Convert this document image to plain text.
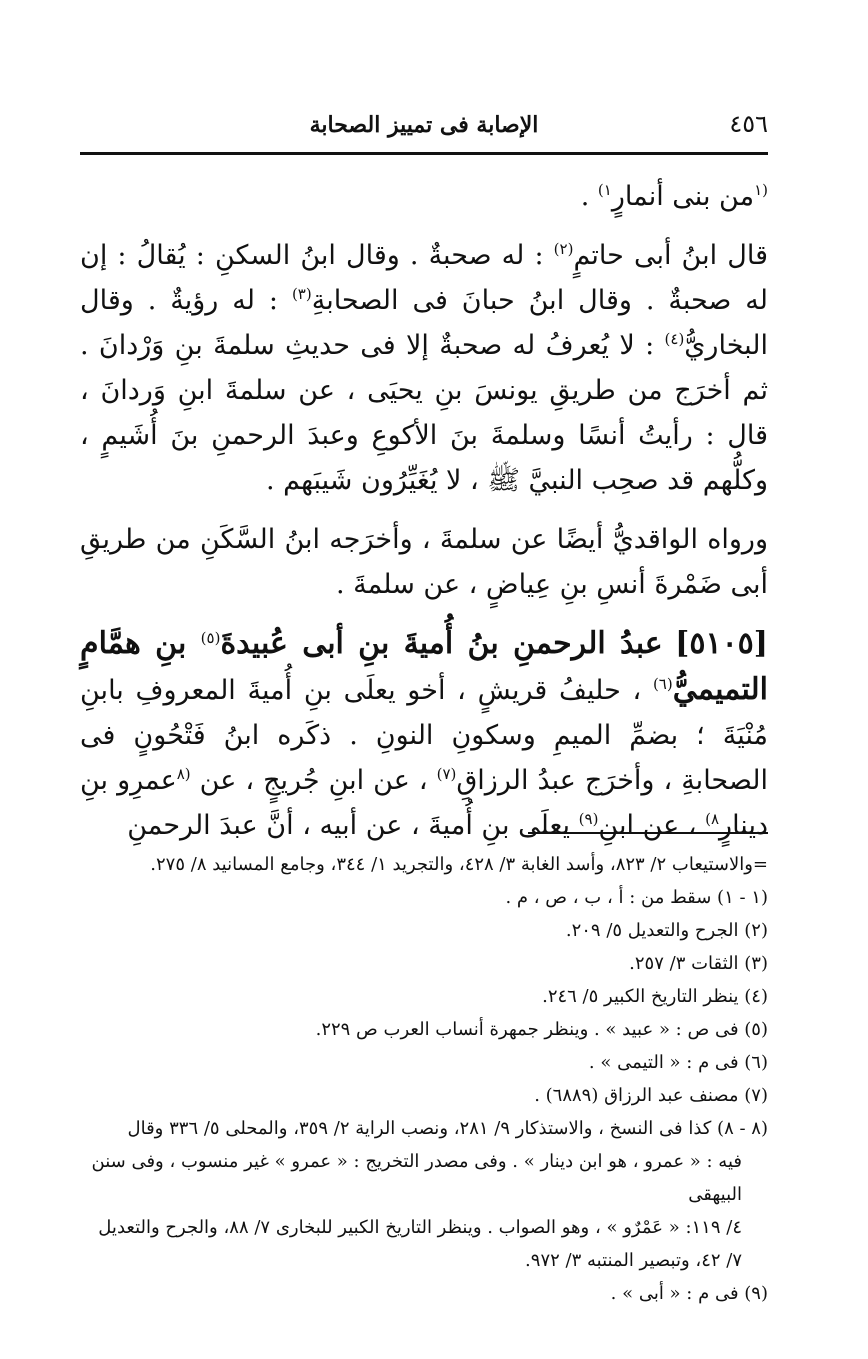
٤٥٦
الإصابة فى تمييز الصحابة

$^{(١}$من بنى أنمارٍ$^{١)}$ .

قال ابنُ أبى حاتمٍ$^{(٢)}$ : له صحبةٌ . وقال ابنُ السكنِ : يُقالُ : إن له صحبةٌ . وقال ابنُ حبانَ فى الصحابةِ$^{(٣)}$ : له رؤيةٌ . وقال البخاريُّ$^{(٤)}$ : لا يُعرفُ له صحبةٌ إلا فى حديثِ سلمةَ بنِ وَرْدانَ . ثم أخرَج من طريقِ يونسَ بنِ يحيَى ، عن سلمةَ ابنِ وَردانَ ، قال : رأيتُ أنسًا وسلمةَ بنَ الأكوعِ وعبدَ الرحمنِ بنَ أُشَيمٍ ، وكلُّهم قد صحِب النبيَّ ﷺ ، لا يُغَيِّرُون شَيبَهم .

ورواه الواقديُّ أيضًا عن سلمةَ ، وأخرَجه ابنُ السَّكَنِ من طريقِ أبى ضَمْرةَ أنسِ بنِ عِياضٍ ، عن سلمةَ .

[٥١٠٥] عبدُ الرحمنِ بنُ أُميةَ بنِ أبى عُبيدةَ$^{(٥)}$ بنِ همَّامٍ التميميُّ$^{(٦)}$ ، حليفُ قريشٍ ، أخو يعلَى بنِ أُميةَ المعروفِ بابنِ مُنْيَةَ ؛ بضمِّ الميمِ وسكونِ النونِ . ذكَره ابنُ فَتْحُونٍ فى الصحابةِ ، وأخرَج عبدُ الرزاقِ$^{(٧)}$ ، عن ابنِ جُريجٍ ، عن $^{(٨}$عمرِو بنِ دينارٍ$^{٨)}$ ، عن ابنِ$^{(٩)}$ يعلَى بنِ أُميةَ ، عن أبيه ، أنَّ عبدَ الرحمنِ

=والاستيعاب ٢/ ٨٢٣، وأسد الغابة ٣/ ٤٢٨، والتجريد ١/ ٣٤٤، وجامع المسانيد ٨/ ٢٧٥.

(١ - ١) سقط من : أ ، ب ، ص ، م .

(٢) الجرح والتعديل ٥/ ٢٠٩.

(٣) الثقات ٣/ ٢٥٧.

(٤) ينظر التاريخ الكبير ٥/ ٢٤٦.

(٥) فى ص : « عبيد » . وينظر جمهرة أنساب العرب ص ٢٢٩.

(٦) فى م : « التيمى » .

(٧) مصنف عبد الرزاق (٦٨٨٩) .

(٨ - ٨) كذا فى النسخ ، والاستذكار ٩/ ٢٨١، ونصب الراية ٢/ ٣٥٩، والمحلى ٥/ ٣٣٦ وقال

فيه : « عمرو ، هو ابن دينار » . وفى مصدر التخريج : « عمرو » غير منسوب ، وفى سنن البيهقى

٤/ ١١٩: « عَمْرٌو » ، وهو الصواب . وينظر التاريخ الكبير للبخارى ٧/ ٨٨، والجرح والتعديل

٧/ ٤٢، وتبصير المنتبه ٣/ ٩٧٢.

(٩) فى م : « أبى » .
